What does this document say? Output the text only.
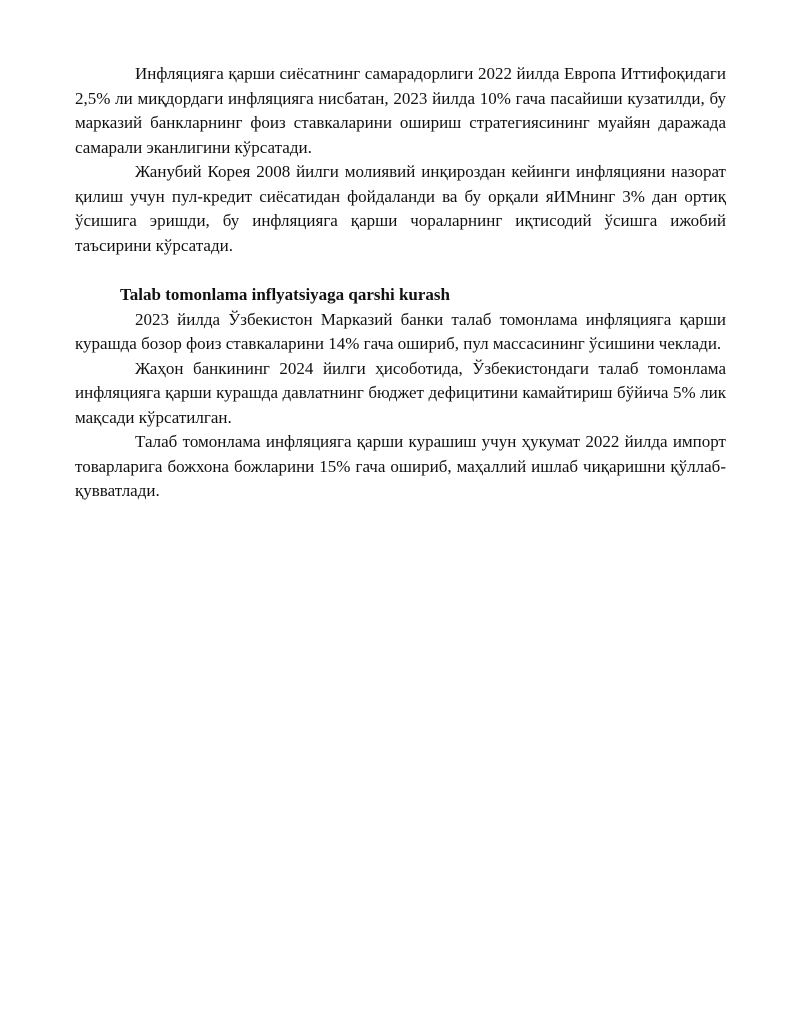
Инфляцияга қарши сиёсатнинг самарадорлиги 2022 йилда Европа Иттифоқидаги 2,5% ли миқдордаги инфляцияга нисбатан, 2023 йилда 10% гача пасайиши кузатилди, бу марказий банкларнинг фоиз ставкаларини ошириш стратегиясининг муайян даражада самарали эканлигини кўрсатади.

Жанубий Корея 2008 йилги молиявий инқироздан кейинги инфляцияни назорат қилиш учун пул-кредит сиёсатидан фойдаланди ва бу орқали яИМнинг 3% дан ортиқ ўсишига эришди, бу инфляцияга қарши чораларнинг иқтисодий ўсишга ижобий таъсирини кўрсатади.

Talab tomonlama inflyatsiyaga qarshi kurash

2023 йилда Ўзбекистон Марказий банки талаб томонлама инфляцияга қарши курашда бозор фоиз ставкаларини 14% гача ошириб, пул массасининг ўсишини чеклади.

Жаҳон банкининг 2024 йилги ҳисоботида, Ўзбекистондаги талаб томонлама инфляцияга қарши курашда давлатнинг бюджет дефицитини камайтириш бўйича 5% лик мақсади кўрсатилган.

Талаб томонлама инфляцияга қарши курашиш учун ҳукумат 2022 йилда импорт товарларига божхона божларини 15% гача ошириб, маҳаллий ишлаб чиқаришни қўллаб-қувватлади.
